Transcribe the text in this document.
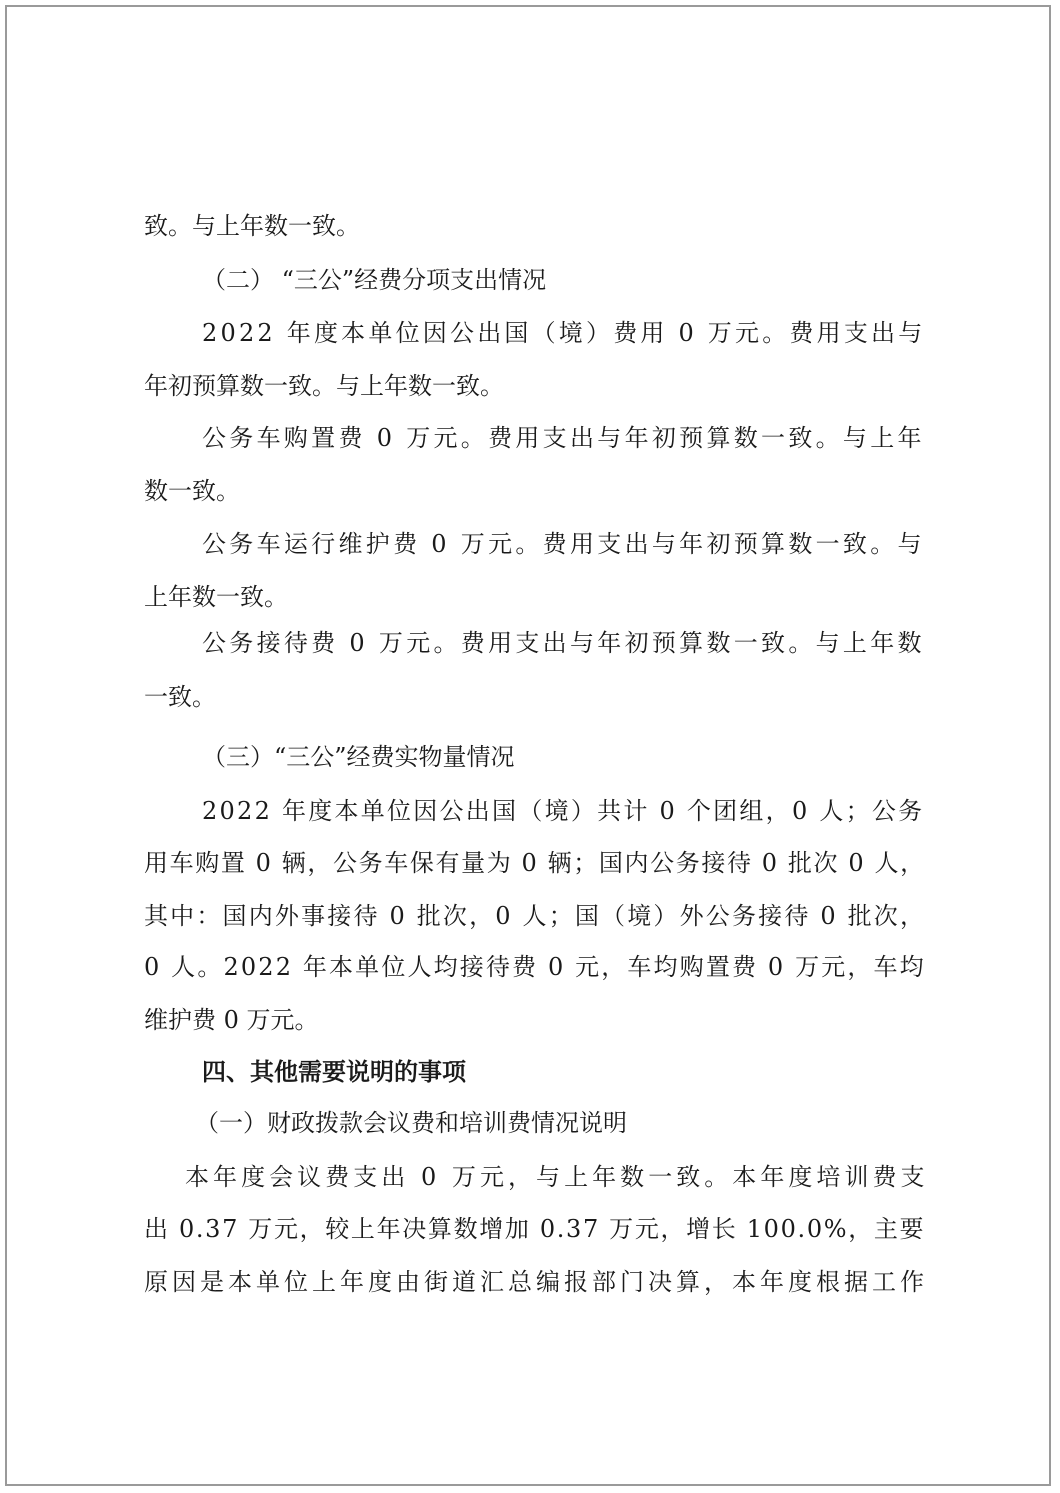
致。与上年数一致。
（二） “三公”经费分项支出情况
2022 年度本单位因公出国（境）费用 0 万元。费用支出与
年初预算数一致。与上年数一致。
公务车购置费 0 万元。费用支出与年初预算数一致。与上年
数一致。
公务车运行维护费 0 万元。费用支出与年初预算数一致。与
上年数一致。
公务接待费 0 万元。费用支出与年初预算数一致。与上年数
一致。
（三）“三公”经费实物量情况
2022 年度本单位因公出国（境）共计 0 个团组，0 人；公务
用车购置 0 辆，公务车保有量为 0 辆；国内公务接待 0 批次 0 人，
其中：国内外事接待 0 批次，0 人；国（境）外公务接待 0 批次，
0 人。2022 年本单位人均接待费 0 元，车均购置费 0 万元，车均
维护费 0 万元。
四、其他需要说明的事项
（一）财政拨款会议费和培训费情况说明
本年度会议费支出 0 万元，与上年数一致。本年度培训费支
出 0.37 万元，较上年决算数增加 0.37 万元，增长 100.0%，主要
原因是本单位上年度由街道汇总编报部门决算，本年度根据工作
